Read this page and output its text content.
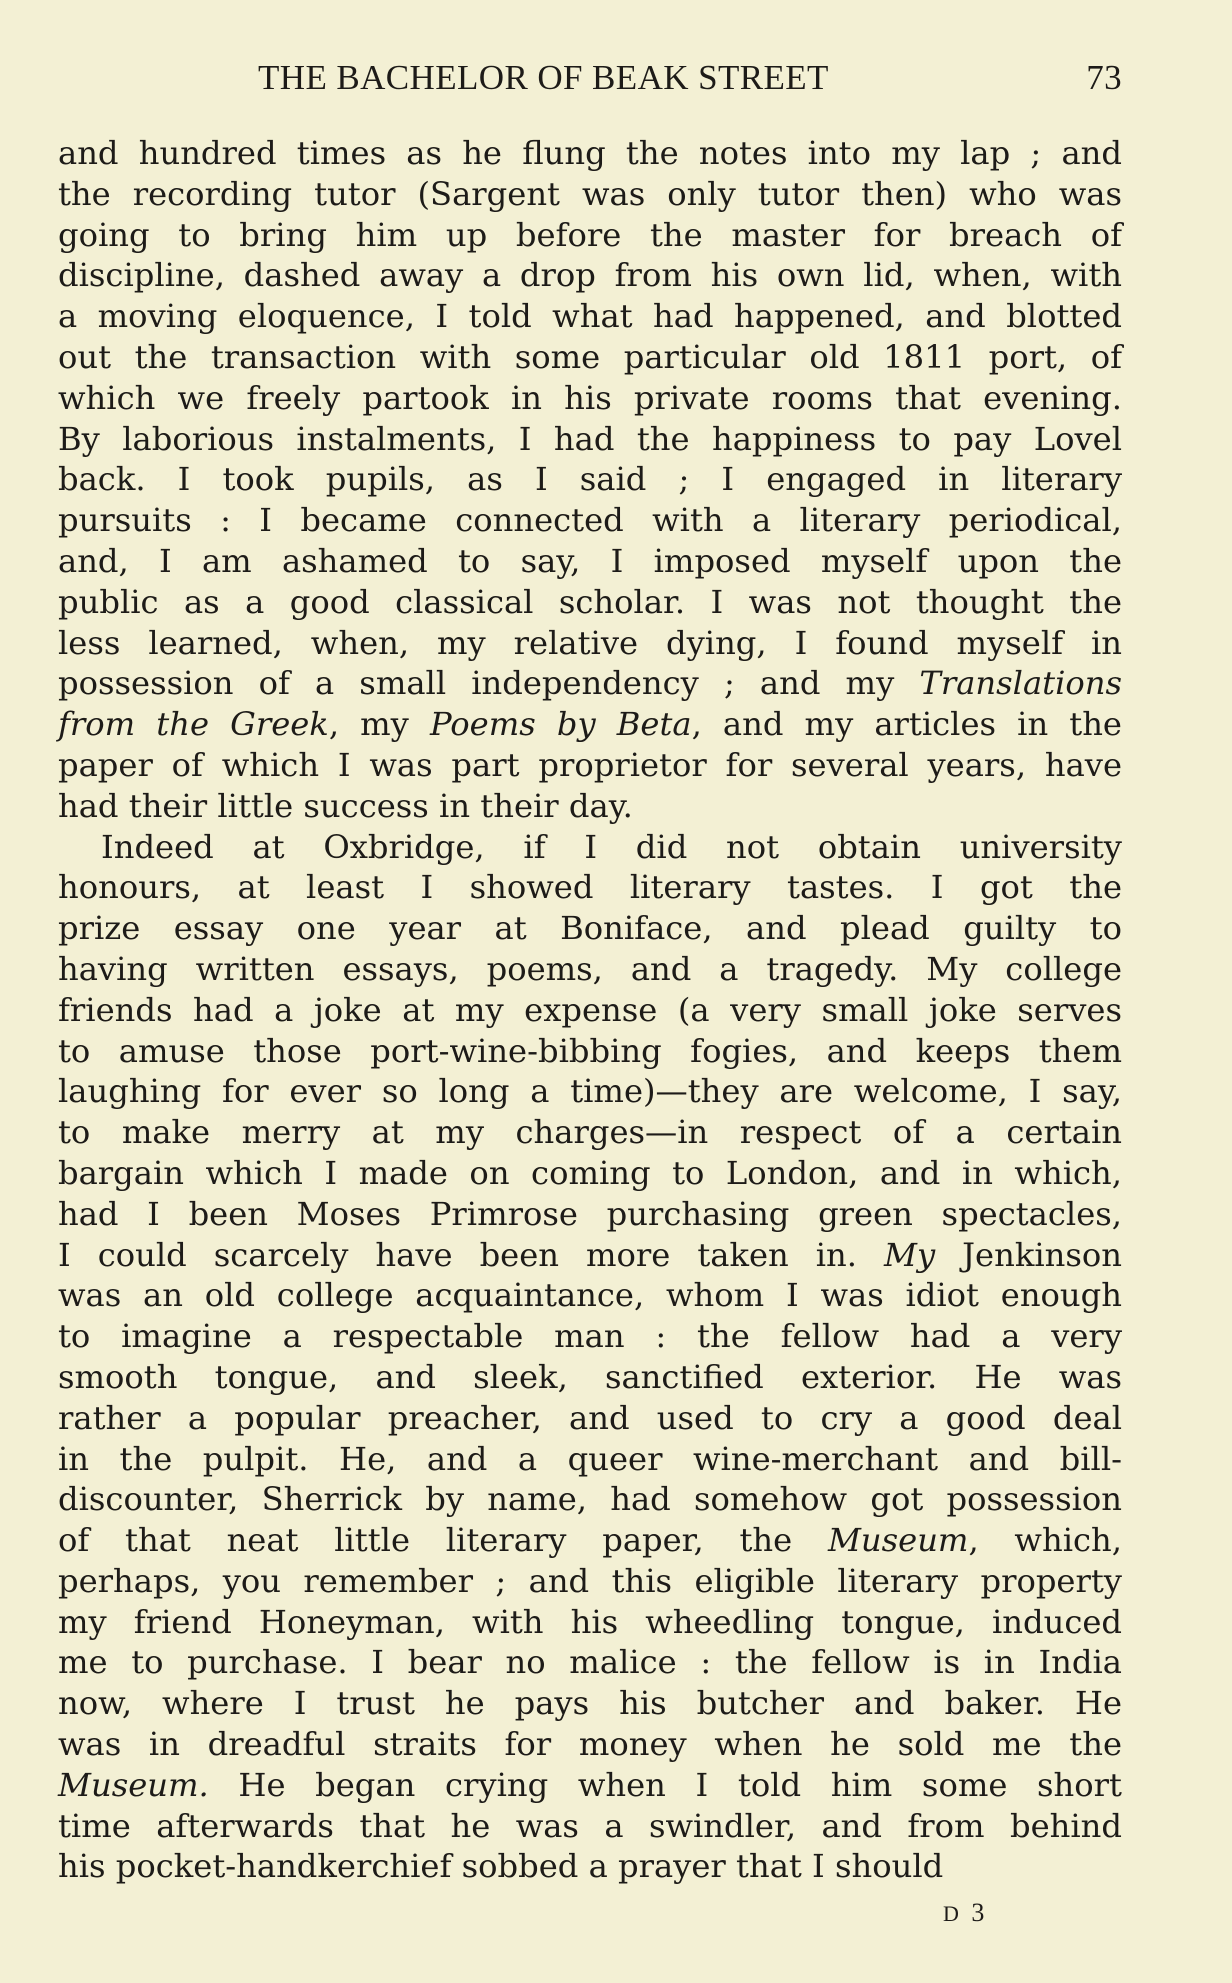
THE BACHELOR OF BEAK STREET	73
and hundred times as he flung the notes into my lap ; and
the recording tutor (Sargent was only tutor then) who was
going to bring him up before the master for breach of
discipline, dashed away a drop from his own lid, when, with
a moving eloquence, I told what had happened, and blotted
out the transaction with some particular old 1811 port, of
which we freely partook in his private rooms that evening.
By laborious instalments, I had the happiness to pay Lovel
back. I took pupils, as I said ; I engaged in literary
pursuits : I became connected with a literary periodical,
and, I am ashamed to say, I imposed myself upon the
public as a good classical scholar. I was not thought the
less learned, when, my relative dying, I found myself in
possession of a small independency ; and my Translations
from the Greek, my Poems by Beta, and my articles in the
paper of which I was part proprietor for several years, have
had their little success in their day.
Indeed at Oxbridge, if I did not obtain university
honours, at least I showed literary tastes. I got the
prize essay one year at Boniface, and plead guilty to
having written essays, poems, and a tragedy. My college
friends had a joke at my expense (a very small joke serves
to amuse those port-wine-bibbing fogies, and keeps them
laughing for ever so long a time)—they are welcome, I say,
to make merry at my charges—in respect of a certain
bargain which I made on coming to London, and in which,
had I been Moses Primrose purchasing green spectacles,
I could scarcely have been more taken in. My Jenkinson
was an old college acquaintance, whom I was idiot enough
to imagine a respectable man : the fellow had a very
smooth tongue, and sleek, sanctified exterior. He was
rather a popular preacher, and used to cry a good deal
in the pulpit. He, and a queer wine-merchant and bill-
discounter, Sherrick by name, had somehow got possession
of that neat little literary paper, the Museum, which,
perhaps, you remember ; and this eligible literary property
my friend Honeyman, with his wheedling tongue, induced
me to purchase. I bear no malice : the fellow is in India
now, where I trust he pays his butcher and baker. He
was in dreadful straits for money when he sold me the
Museum. He began crying when I told him some short
time afterwards that he was a swindler, and from behind
his pocket-handkerchief sobbed a prayer that I should
D 3
